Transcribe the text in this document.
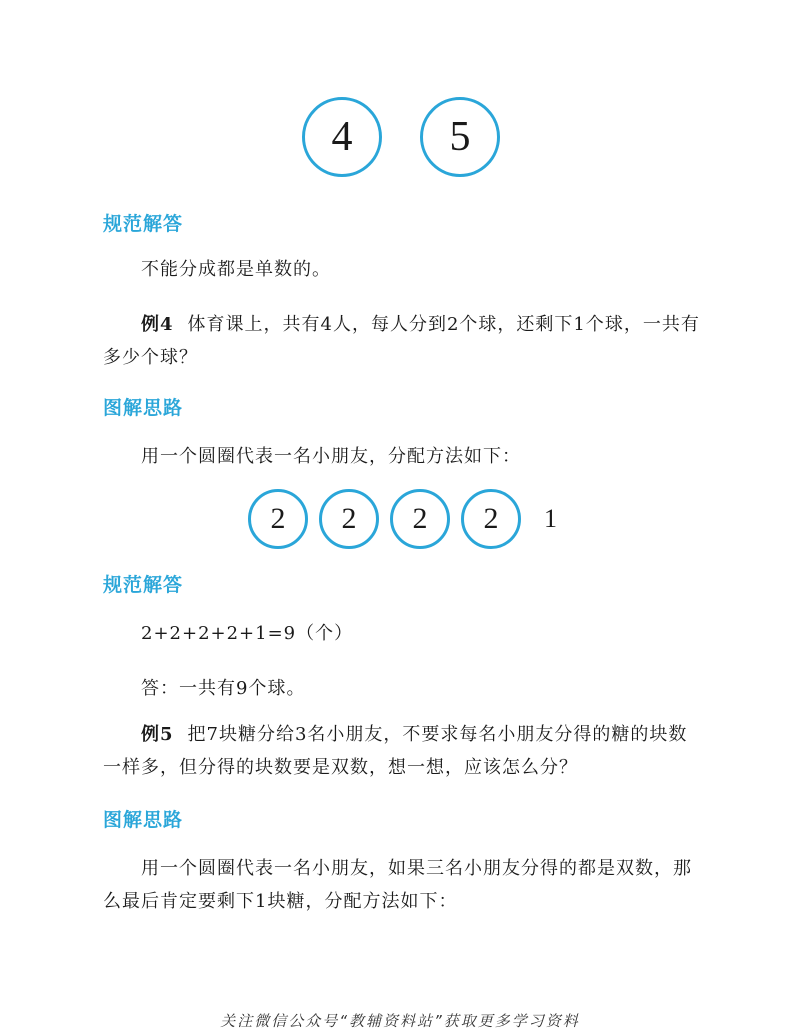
4	5
规范解答
不能分成都是单数的。
例4 体育课上，共有4人，每人分到2个球，还剩下1个球，一共有多少个球？
图解思路
用一个圆圈代表一名小朋友，分配方法如下：
2	2	2	2	1
规范解答
2+2+2+2+1=9（个）
答：一共有9个球。
例5 把7块糖分给3名小朋友，不要求每名小朋友分得的糖的块数一样多，但分得的块数要是双数，想一想，应该怎么分？
图解思路
用一个圆圈代表一名小朋友，如果三名小朋友分得的都是双数，那么最后肯定要剩下1块糖，分配方法如下：
关注微信公众号“教辅资料站”获取更多学习资料
